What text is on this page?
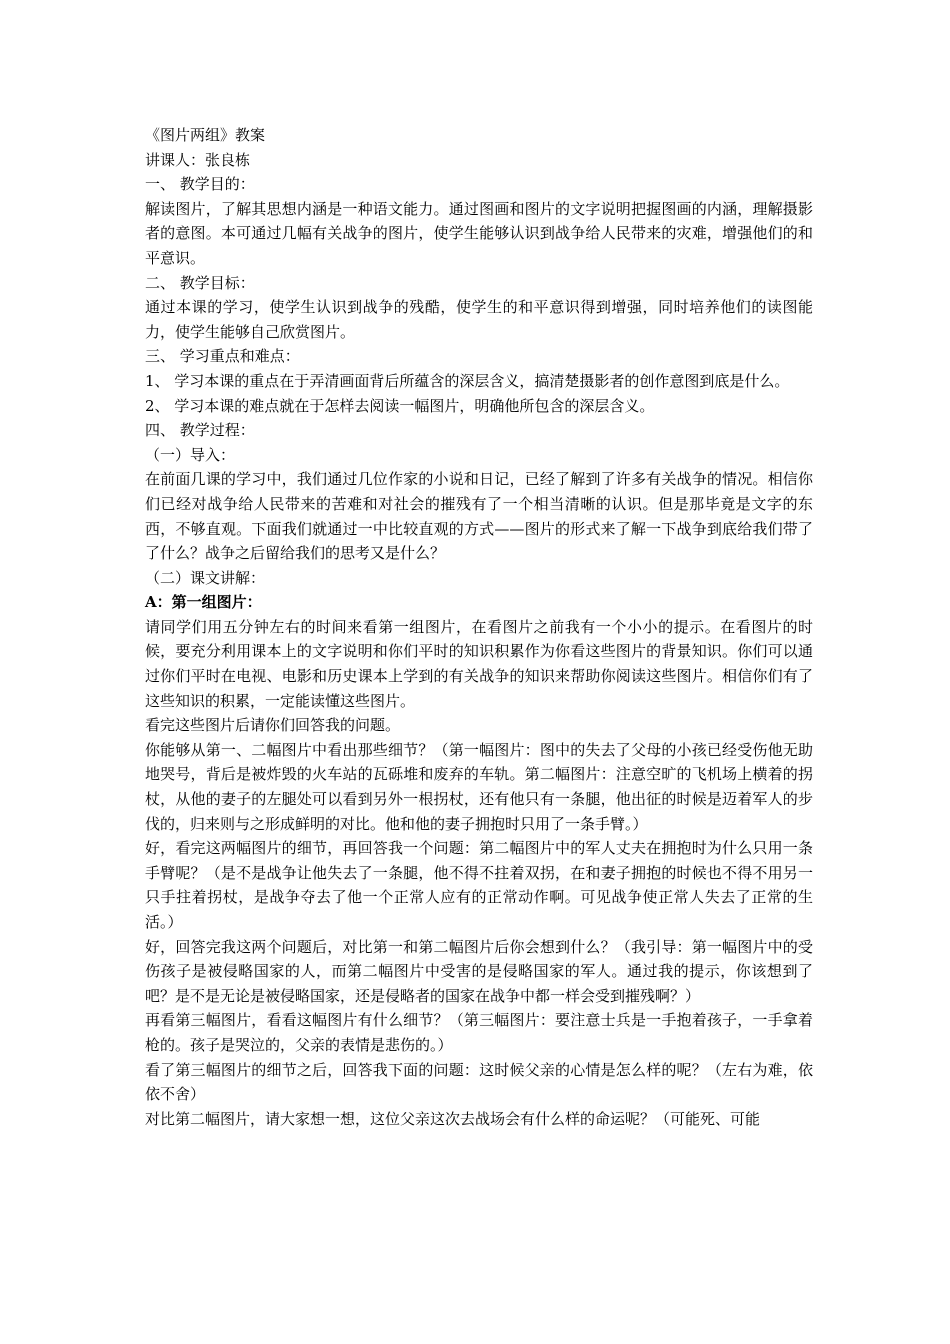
《图片两组》教案

讲课人：张良栋

一、 教学目的：

解读图片，了解其思想内涵是一种语文能力。通过图画和图片的文字说明把握图画的内涵，理解摄影者的意图。本可通过几幅有关战争的图片，使学生能够认识到战争给人民带来的灾难，增强他们的和平意识。

二、 教学目标：

通过本课的学习，使学生认识到战争的残酷，使学生的和平意识得到增强，同时培养他们的读图能力，使学生能够自己欣赏图片。

三、 学习重点和难点：

1、 学习本课的重点在于弄清画面背后所蕴含的深层含义，搞清楚摄影者的创作意图到底是什么。

2、 学习本课的难点就在于怎样去阅读一幅图片，明确他所包含的深层含义。

四、 教学过程：

（一）导入：

在前面几课的学习中，我们通过几位作家的小说和日记，已经了解到了许多有关战争的情况。相信你们已经对战争给人民带来的苦难和对社会的摧残有了一个相当清晰的认识。但是那毕竟是文字的东西，不够直观。下面我们就通过一中比较直观的方式——图片的形式来了解一下战争到底给我们带了了什么？战争之后留给我们的思考又是什么？

（二）课文讲解：

A：第一组图片：

请同学们用五分钟左右的时间来看第一组图片，在看图片之前我有一个小小的提示。在看图片的时候，要充分利用课本上的文字说明和你们平时的知识积累作为你看这些图片的背景知识。你们可以通过你们平时在电视、电影和历史课本上学到的有关战争的知识来帮助你阅读这些图片。相信你们有了这些知识的积累，一定能读懂这些图片。

看完这些图片后请你们回答我的问题。

你能够从第一、二幅图片中看出那些细节？（第一幅图片：图中的失去了父母的小孩已经受伤他无助地哭号，背后是被炸毁的火车站的瓦砾堆和废弃的车轨。第二幅图片：注意空旷的飞机场上横着的拐杖，从他的妻子的左腿处可以看到另外一根拐杖，还有他只有一条腿，他出征的时候是迈着军人的步伐的，归来则与之形成鲜明的对比。他和他的妻子拥抱时只用了一条手臂。）

好，看完这两幅图片的细节，再回答我一个问题：第二幅图片中的军人丈夫在拥抱时为什么只用一条手臂呢？（是不是战争让他失去了一条腿，他不得不拄着双拐，在和妻子拥抱的时候也不得不用另一只手拄着拐杖，是战争夺去了他一个正常人应有的正常动作啊。可见战争使正常人失去了正常的生活。）

好，回答完我这两个问题后，对比第一和第二幅图片后你会想到什么？（我引导：第一幅图片中的受伤孩子是被侵略国家的人，而第二幅图片中受害的是侵略国家的军人。通过我的提示，你该想到了吧？是不是无论是被侵略国家，还是侵略者的国家在战争中都一样会受到摧残啊？）

再看第三幅图片，看看这幅图片有什么细节？（第三幅图片：要注意士兵是一手抱着孩子，一手拿着枪的。孩子是哭泣的，父亲的表情是悲伤的。）

看了第三幅图片的细节之后，回答我下面的问题：这时候父亲的心情是怎么样的呢？（左右为难，依依不舍）

对比第二幅图片，请大家想一想，这位父亲这次去战场会有什么样的命运呢？（可能死、可能
